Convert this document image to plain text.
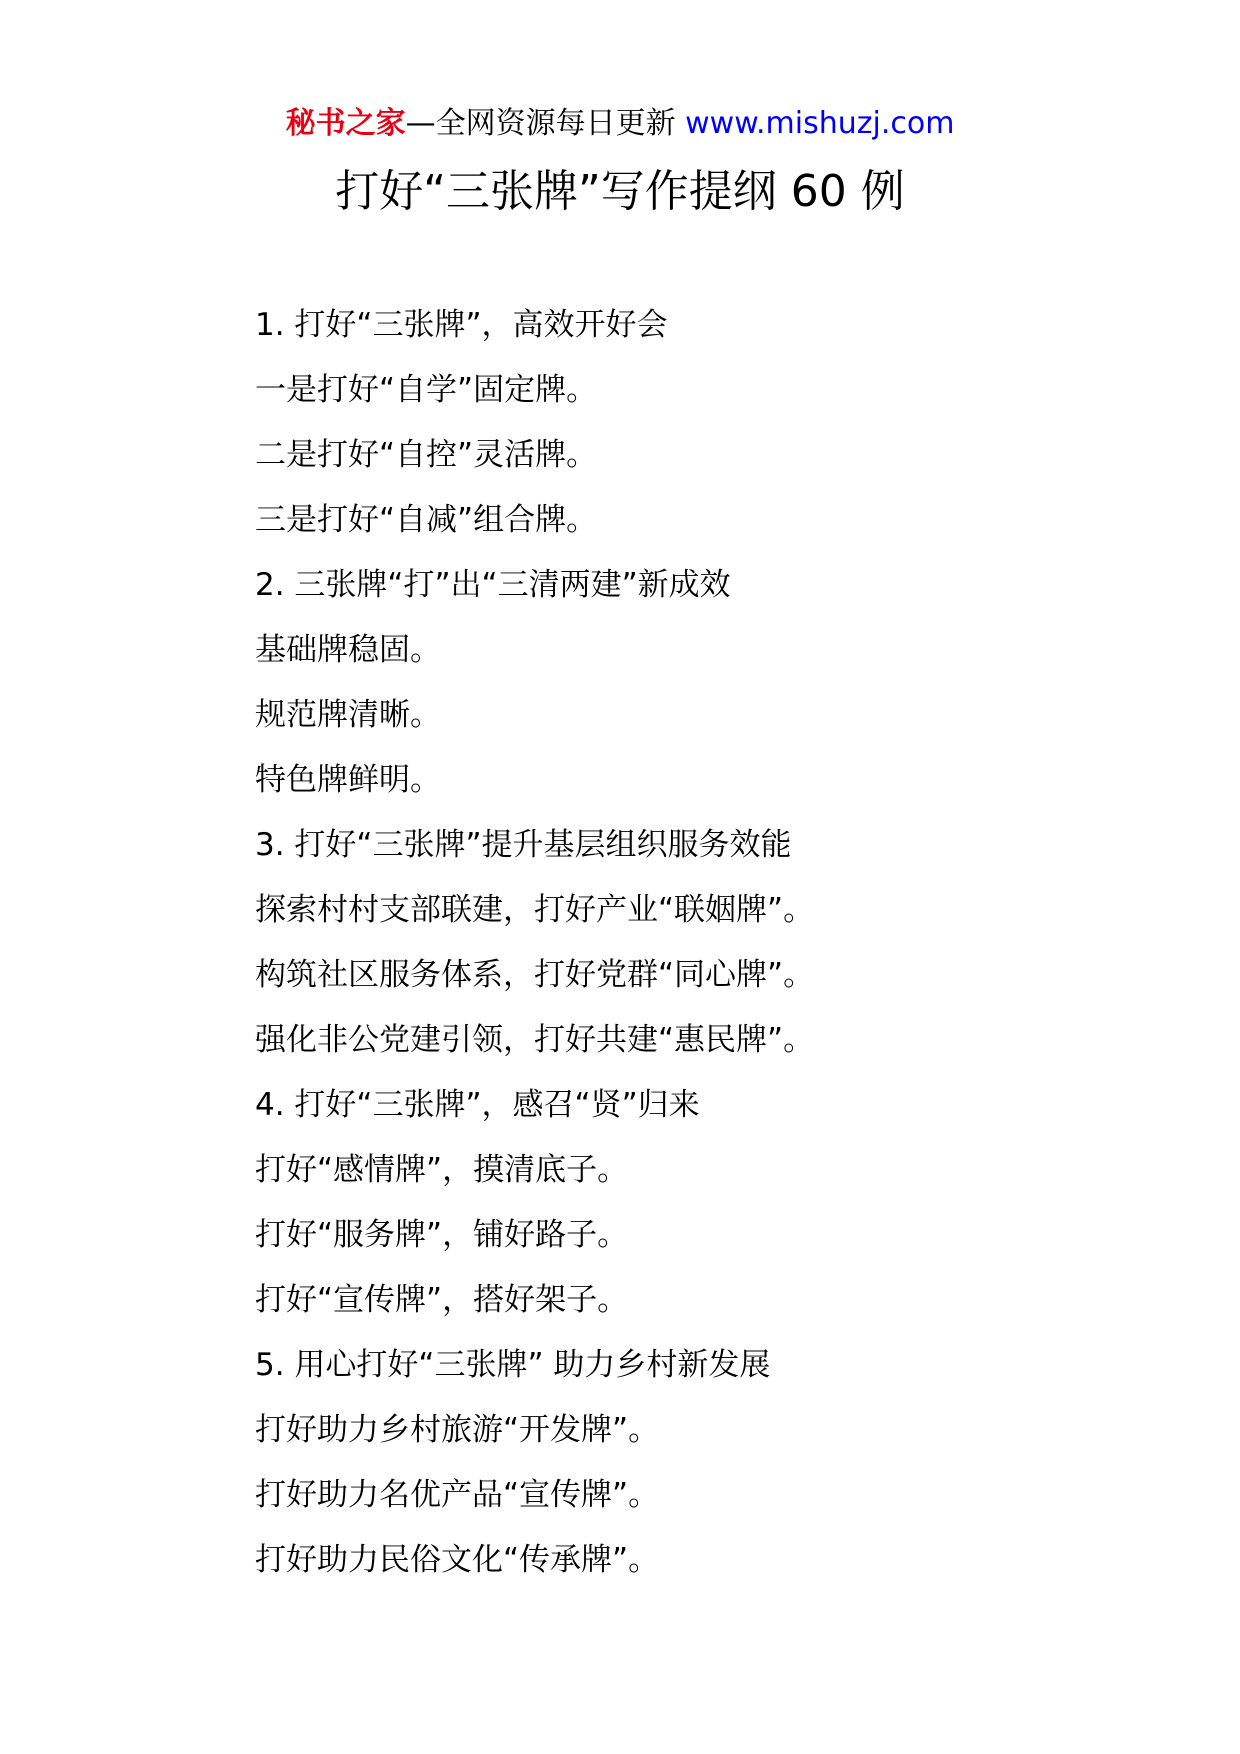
秘书之家—全网资源每日更新 www.mishuzj.com
打好“三张牌”写作提纲 60 例
1. 打好“三张牌”，高效开好会
一是打好“自学”固定牌。
二是打好“自控”灵活牌。
三是打好“自减”组合牌。
2. 三张牌“打”出“三清两建”新成效
基础牌稳固。
规范牌清晰。
特色牌鲜明。
3. 打好“三张牌”提升基层组织服务效能
探索村村支部联建，打好产业“联姻牌”。
构筑社区服务体系，打好党群“同心牌”。
强化非公党建引领，打好共建“惠民牌”。
4. 打好“三张牌”，感召“贤”归来
打好“感情牌”，摸清底子。
打好“服务牌”，铺好路子。
打好“宣传牌”，搭好架子。
5. 用心打好“三张牌” 助力乡村新发展
打好助力乡村旅游“开发牌”。
打好助力名优产品“宣传牌”。
打好助力民俗文化“传承牌”。
